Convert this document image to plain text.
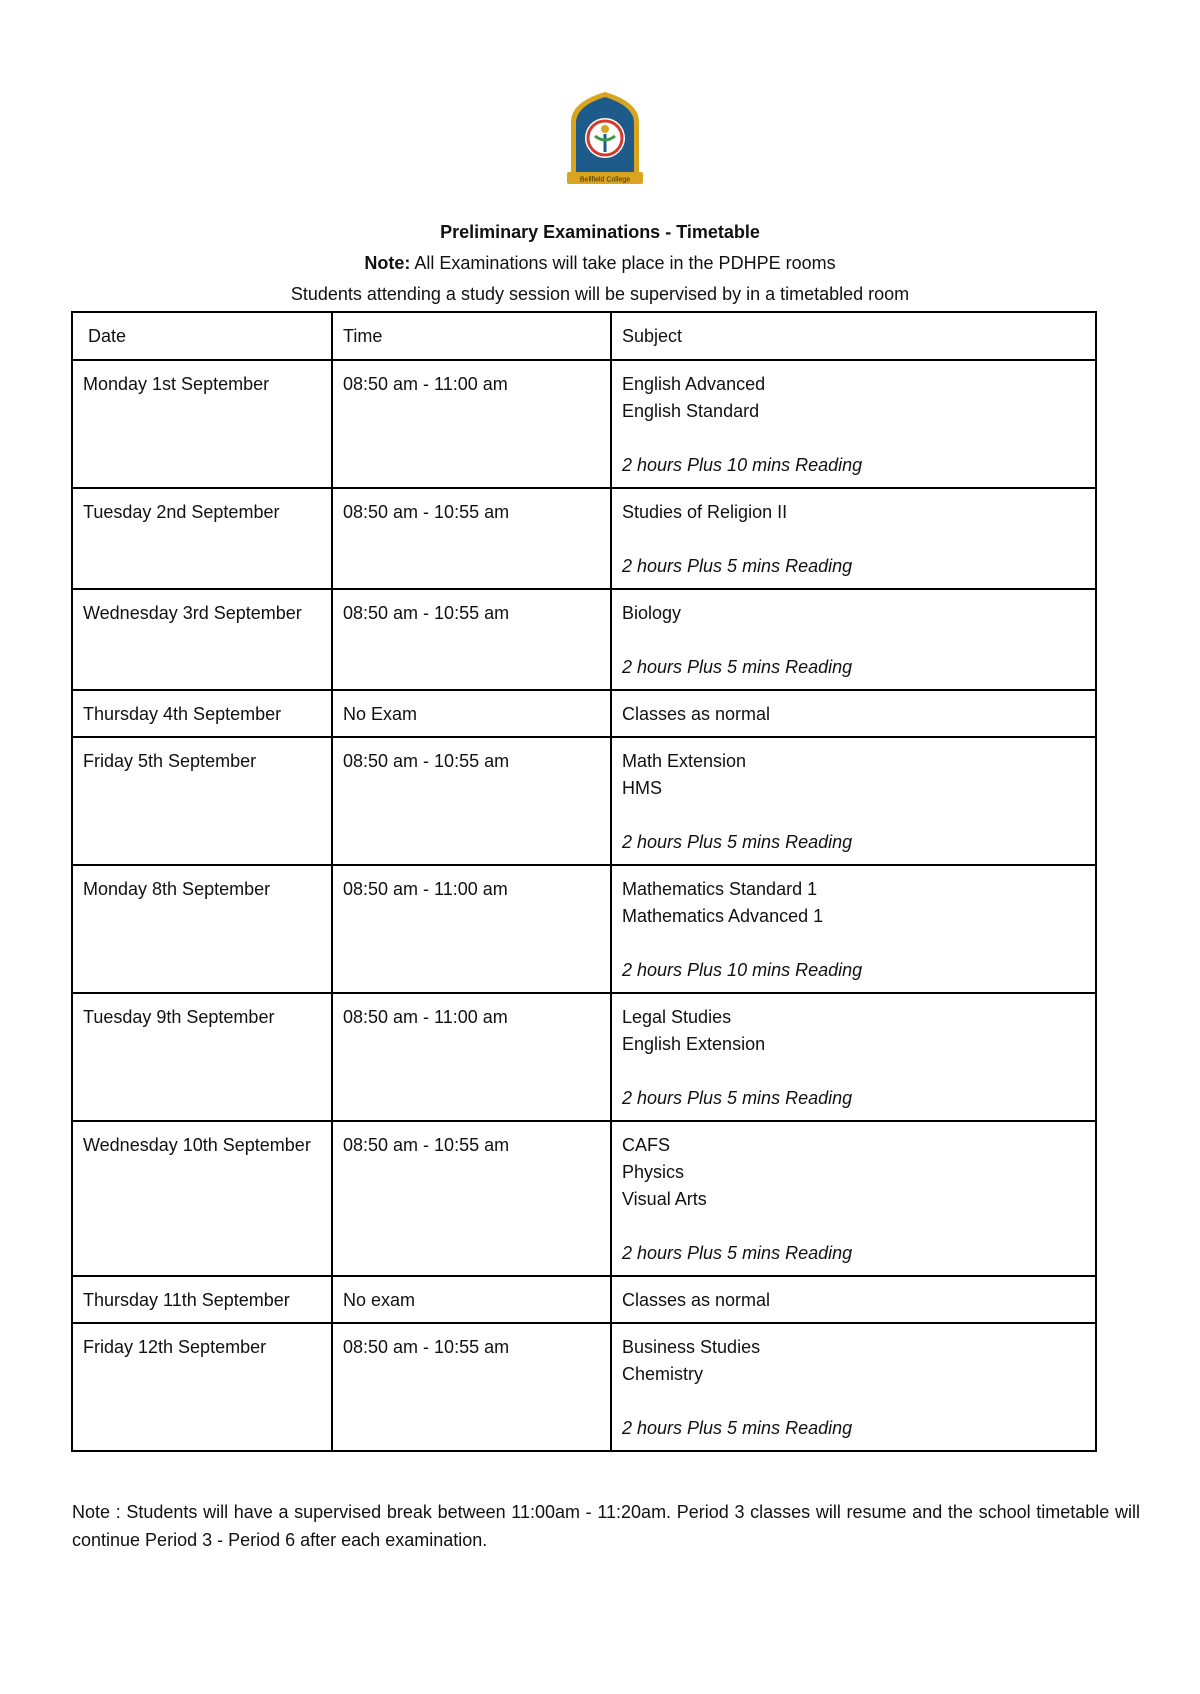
Bellfield College
Preliminary Examinations - Timetable
Note: All Examinations will take place in the PDHPE rooms
Students attending a study session will be supervised by in a timetabled room
Date	Time	Subject
Monday 1st September	08:50 am - 11:00 am	English Advanced
English Standard
2 hours Plus 10 mins Reading

Tuesday 2nd September	08:50 am - 10:55 am	Studies of Religion II
2 hours Plus 5 mins Reading

Wednesday 3rd September	08:50 am - 10:55 am	Biology
2 hours Plus 5 mins Reading

Thursday 4th September	No Exam	Classes as normal

Friday 5th September	08:50 am - 10:55 am	Math Extension
HMS
2 hours Plus 5 mins Reading

Monday 8th September	08:50 am - 11:00 am	Mathematics Standard 1
Mathematics Advanced 1
2 hours Plus 10 mins Reading

Tuesday 9th September	08:50 am - 11:00 am	Legal Studies
English Extension
2 hours Plus 5 mins Reading

Wednesday 10th September	08:50 am - 10:55 am	CAFS
Physics
Visual Arts
2 hours Plus 5 mins Reading

Thursday 11th September	No exam	Classes as normal

Friday 12th September	08:50 am - 10:55 am	Business Studies
Chemistry
2 hours Plus 5 mins Reading
Note : Students will have a supervised break between 11:00am - 11:20am. Period 3 classes will resume and the school timetable will continue Period 3 - Period 6 after each examination.
